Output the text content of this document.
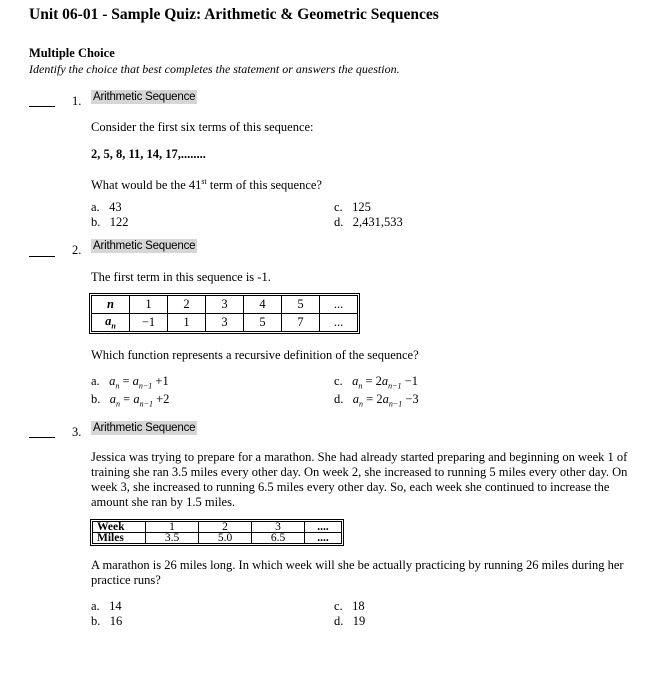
Unit 06-01 - Sample Quiz: Arithmetic & Geometric Sequences
Multiple Choice
Identify the choice that best completes the statement or answers the question.
1. Arithmetic Sequence
Consider the first six terms of this sequence:
2, 5, 8, 11, 14, 17,........
What would be the 41st term of this sequence?
a. 43
b. 122
c. 125
d. 2,431,533
2. Arithmetic Sequence
The first term in this sequence is -1.
n	1	2	3	4	5	...
$a_n$	−1	1	3	5	7	...
Which function represents a recursive definition of the sequence?
a. $a_n = a_{n-1} +1$
b. $a_n = a_{n-1} +2$
c. $a_n = 2a_{n-1} -1$
d. $a_n = 2a_{n-1} -3$
3. Arithmetic Sequence
Jessica was trying to prepare for a marathon. She had already started preparing and beginning on week 1 of training she ran 3.5 miles every other day. On week 2, she increased to running 5 miles every other day. On week 3, she increased to running 6.5 miles every other day. So, each week she continued to increase the amount she ran by 1.5 miles.
Week	1	2	3	....
Miles	3.5	5.0	6.5	....
A marathon is 26 miles long. In which week will she be actually practicing by running 26 miles during her practice runs?
a. 14
b. 16
c. 18
d. 19
